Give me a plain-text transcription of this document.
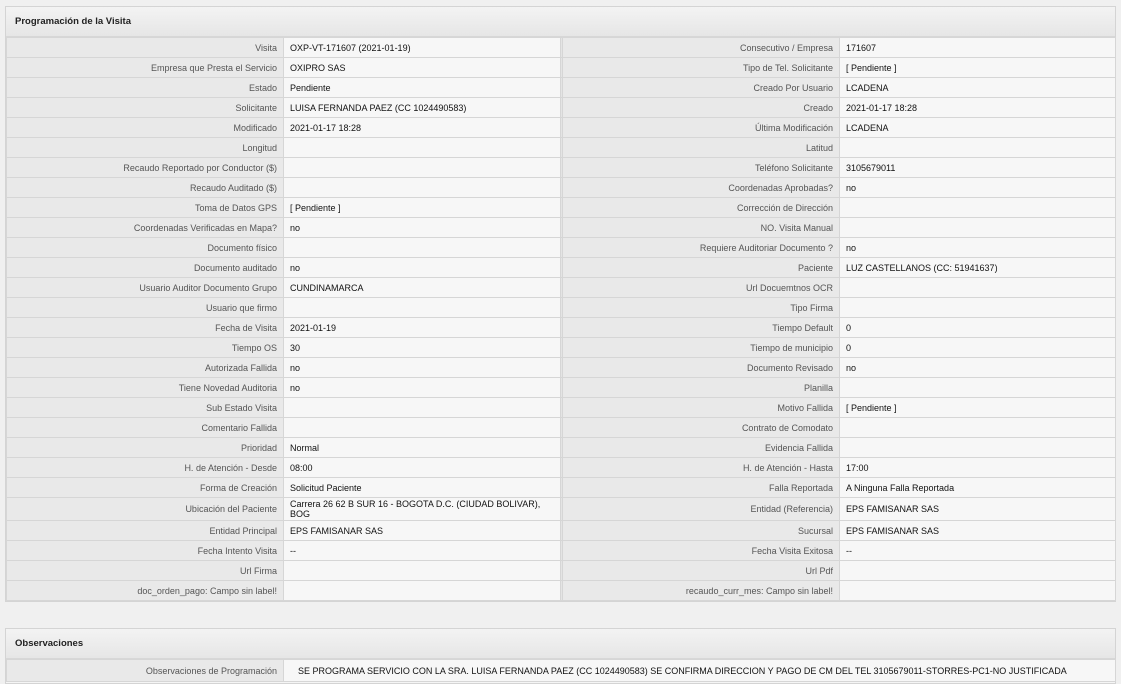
Programación de la Visita
Visita	OXP-VT-171607 (2021-01-19)		Consecutivo / Empresa	171607
Empresa que Presta el Servicio	OXIPRO SAS		Tipo de Tel. Solicitante	[ Pendiente ]
Estado	Pendiente		Creado Por Usuario	LCADENA
Solicitante	LUISA FERNANDA PAEZ (CC 1024490583)		Creado	2021-01-17 18:28
Modificado	2021-01-17 18:28		Última Modificación	LCADENA
Longitud			Latitud	
Recaudo Reportado por Conductor ($)			Teléfono Solicitante	3105679011
Recaudo Auditado ($)			Coordenadas Aprobadas?	no
Toma de Datos GPS	[ Pendiente ]		Corrección de Dirección	
Coordenadas Verificadas en Mapa?	no		NO. Visita Manual	
Documento físico			Requiere Auditoriar Documento ?	no
Documento auditado	no		Paciente	LUZ CASTELLANOS (CC: 51941637)
Usuario Auditor Documento Grupo	CUNDINAMARCA		Url Docuemtnos OCR	
Usuario que firmo			Tipo Firma	
Fecha de Visita	2021-01-19		Tiempo Default	0
Tiempo OS	30		Tiempo de municipio	0
Autorizada Fallida	no		Documento Revisado	no
Tiene Novedad Auditoria	no		Planilla	
Sub Estado Visita			Motivo Fallida	[ Pendiente ]
Comentario Fallida			Contrato de Comodato	
Prioridad	Normal		Evidencia Fallida	
H. de Atención - Desde	08:00		H. de Atención - Hasta	17:00
Forma de Creación	Solicitud Paciente		Falla Reportada	A Ninguna Falla Reportada
Ubicación del Paciente	Carrera 26 62 B SUR 16 - BOGOTA D.C. (CIUDAD BOLIVAR), BOG		Entidad (Referencia)	EPS FAMISANAR SAS
Entidad Principal	EPS FAMISANAR SAS		Sucursal	EPS FAMISANAR SAS
Fecha Intento Visita	--		Fecha Visita Exitosa	--
Url Firma			Url Pdf	
doc_orden_pago: Campo sin label!			recaudo_curr_mes: Campo sin label!	
Observaciones
Observaciones de Programación	SE PROGRAMA SERVICIO CON LA SRA. LUISA FERNANDA PAEZ (CC 1024490583) SE CONFIRMA DIRECCION Y PAGO DE CM DEL TEL 3105679011-STORRES-PC1-NO JUSTIFICADA
